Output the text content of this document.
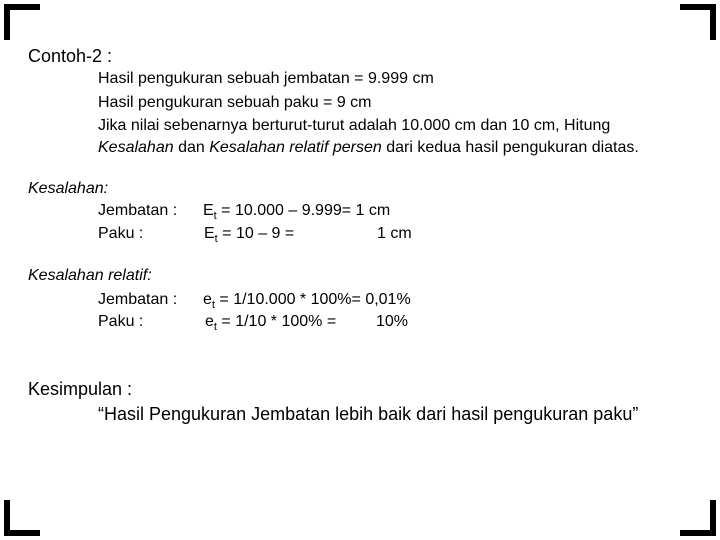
Contoh-2 :
Hasil pengukuran sebuah jembatan = 9.999 cm
Hasil pengukuran sebuah paku = 9 cm
Jika nilai sebenarnya berturut-turut adalah 10.000 cm dan 10 cm, Hitung
Kesalahan dan Kesalahan relatif persen dari kedua hasil pengukuran diatas.
Kesalahan:
Jembatan : $E_t = 10.000 - 9.999= 1$ cm
Paku :	$E_t = 10 - 9$ =	1 cm
Kesalahan relatif:
Jembatan : $e_t = 1/10.000 * 100\%= 0,01\%$
Paku :	$e_t = 1/10 * 100\% = 10\%$
Kesimpulan :
“Hasil Pengukuran Jembatan lebih baik dari hasil pengukuran paku”
